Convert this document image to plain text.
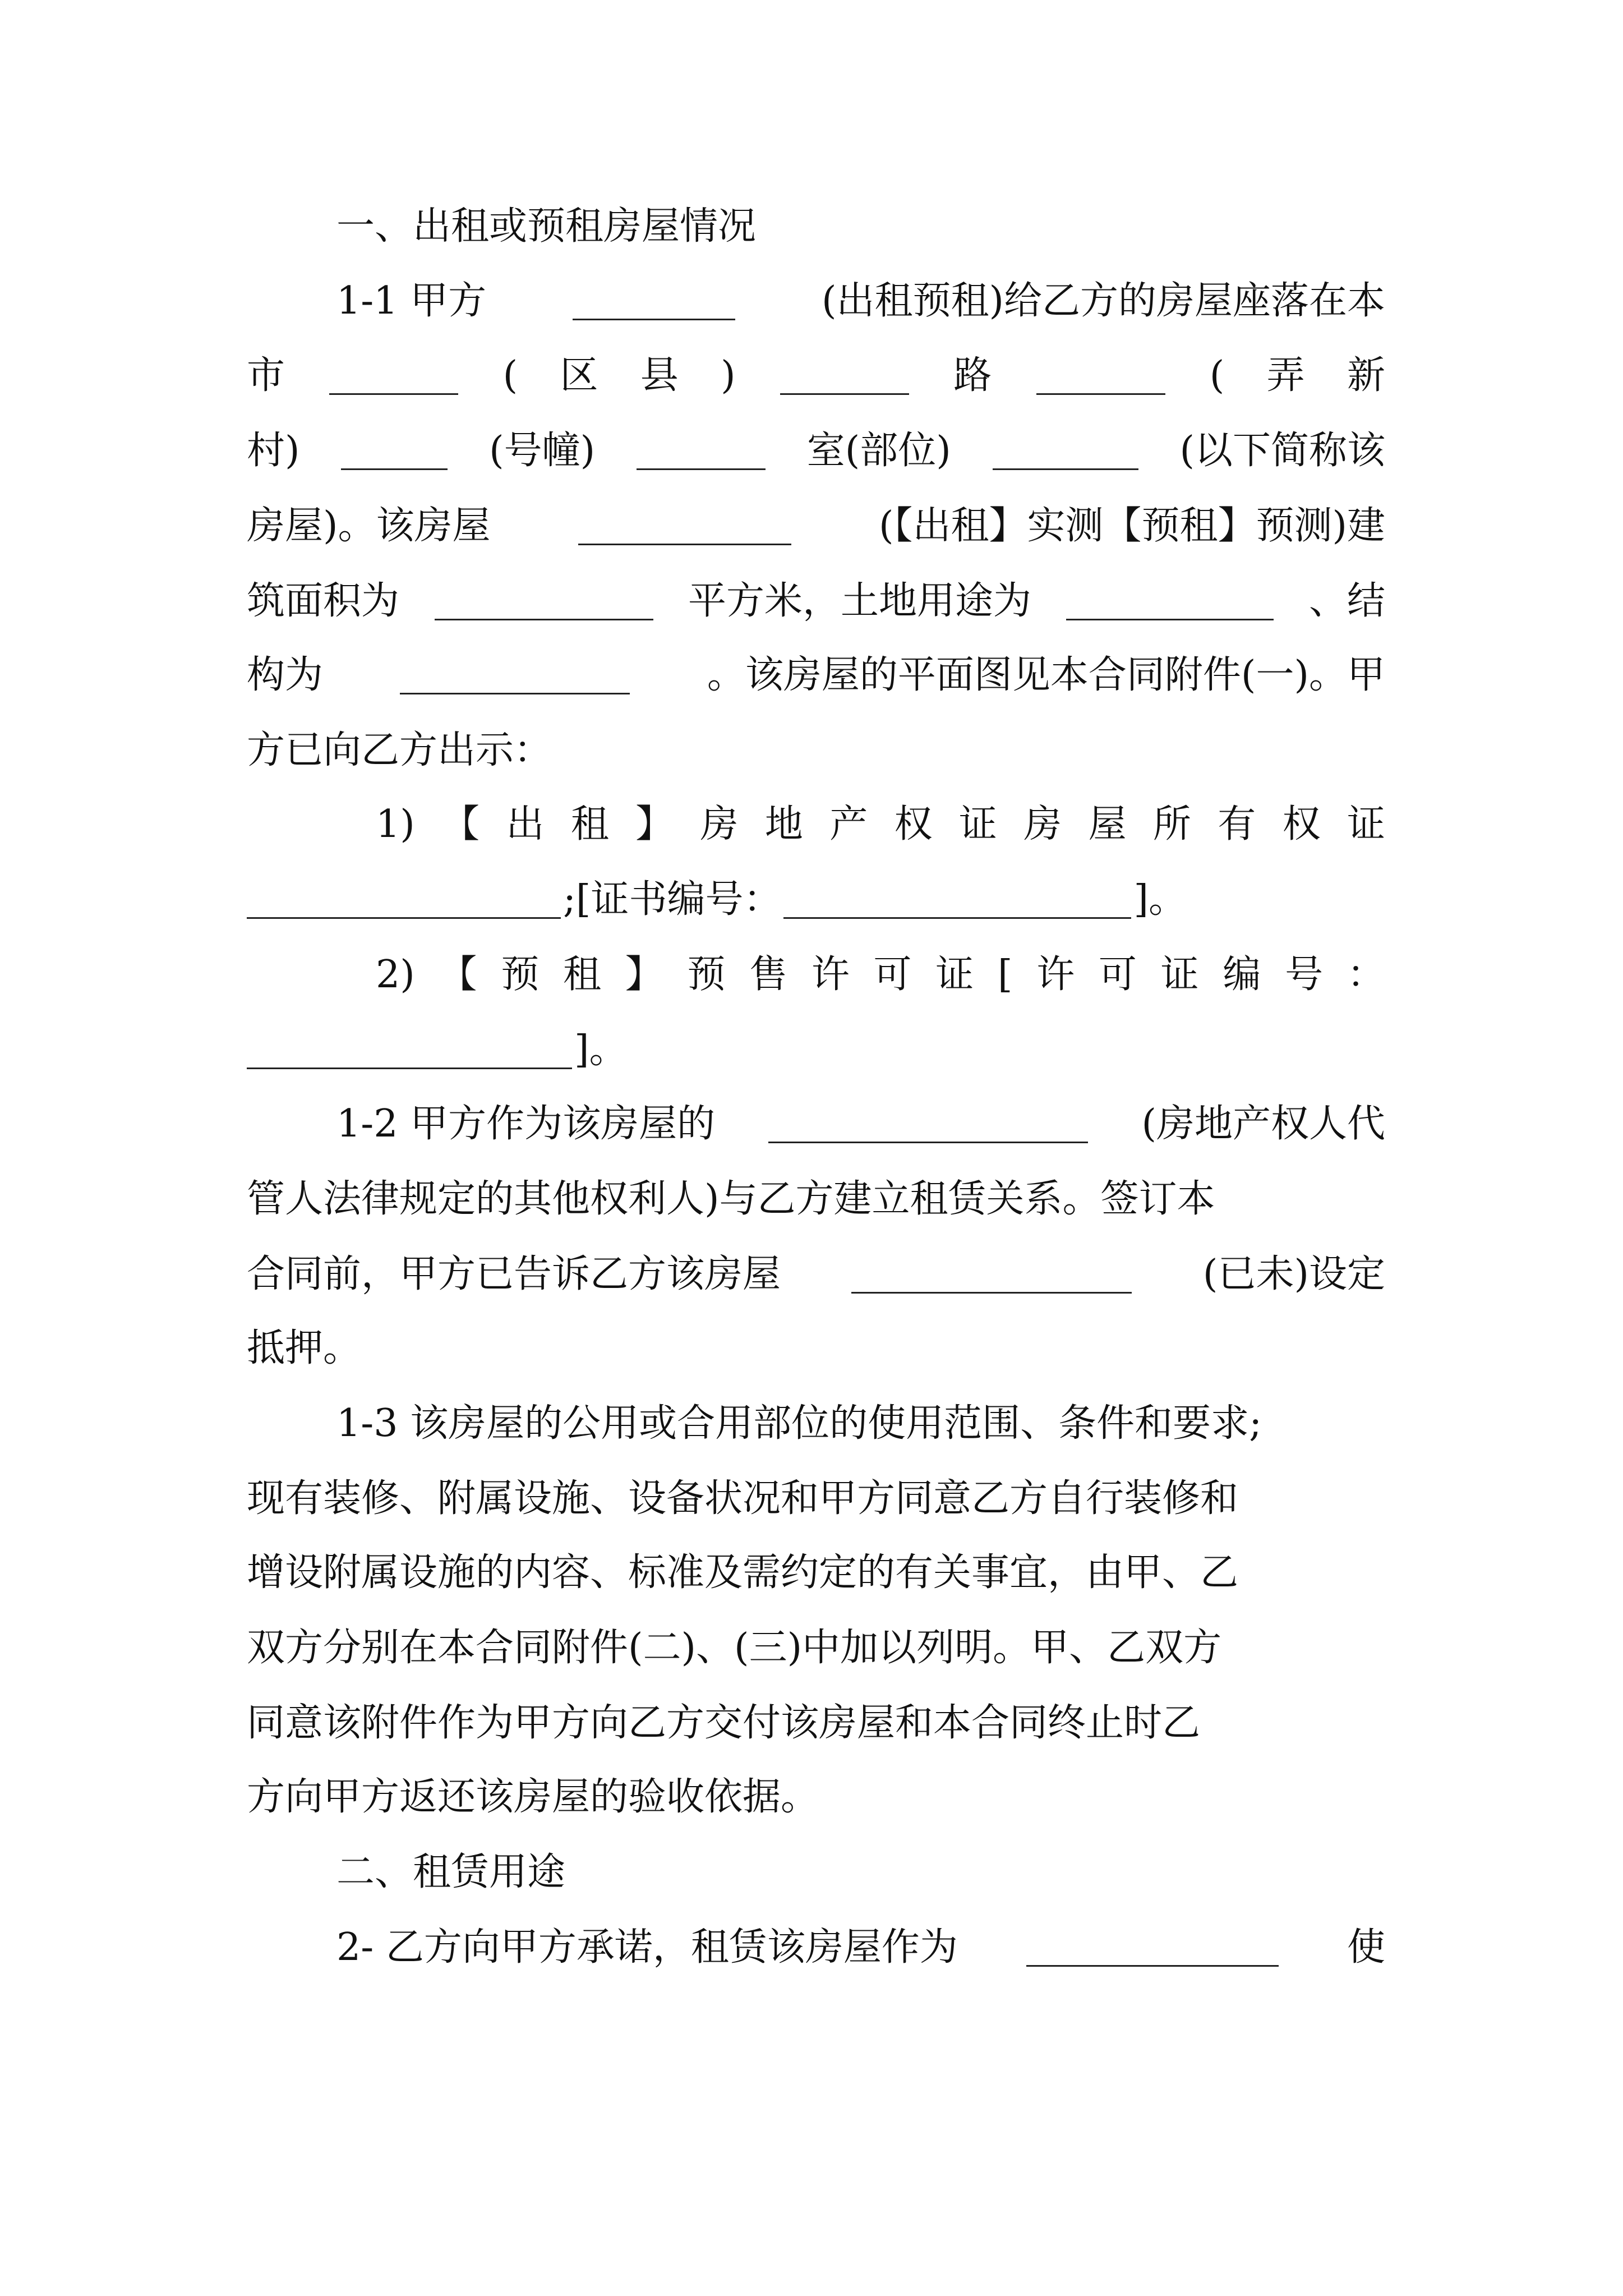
一、出租或预租房屋情况
1-1 甲方	(出租预租)给乙方的房屋座落在本
市	( 区 县 )	路	( 弄 新
村)	(号幢)	室(部位)	(以下简称该
房屋)。该房屋	(【出租】实测【预租】预测)建
筑面积为	平方米，土地用途为	、结
构为	。该房屋的平面图见本合同附件(一)。甲
方已向乙方出示：
1) 【 出 租 】 房 地 产 权 证 房 屋 所 有 权 证
;[证书编号：	]。
2) 【 预 租 】 预 售 许 可 证 [ 许 可 证 编 号 ：
]。
1-2 甲方作为该房屋的	(房地产权人代
管人法律规定的其他权利人)与乙方建立租赁关系。签订本
合同前，甲方已告诉乙方该房屋	(已未)设定
抵押。
1-3 该房屋的公用或合用部位的使用范围、条件和要求;
现有装修、附属设施、设备状况和甲方同意乙方自行装修和
增设附属设施的内容、标准及需约定的有关事宜，由甲、乙
双方分别在本合同附件(二)、(三)中加以列明。甲、乙双方
同意该附件作为甲方向乙方交付该房屋和本合同终止时乙
方向甲方返还该房屋的验收依据。
二、租赁用途
2- 乙方向甲方承诺，租赁该房屋作为	使
